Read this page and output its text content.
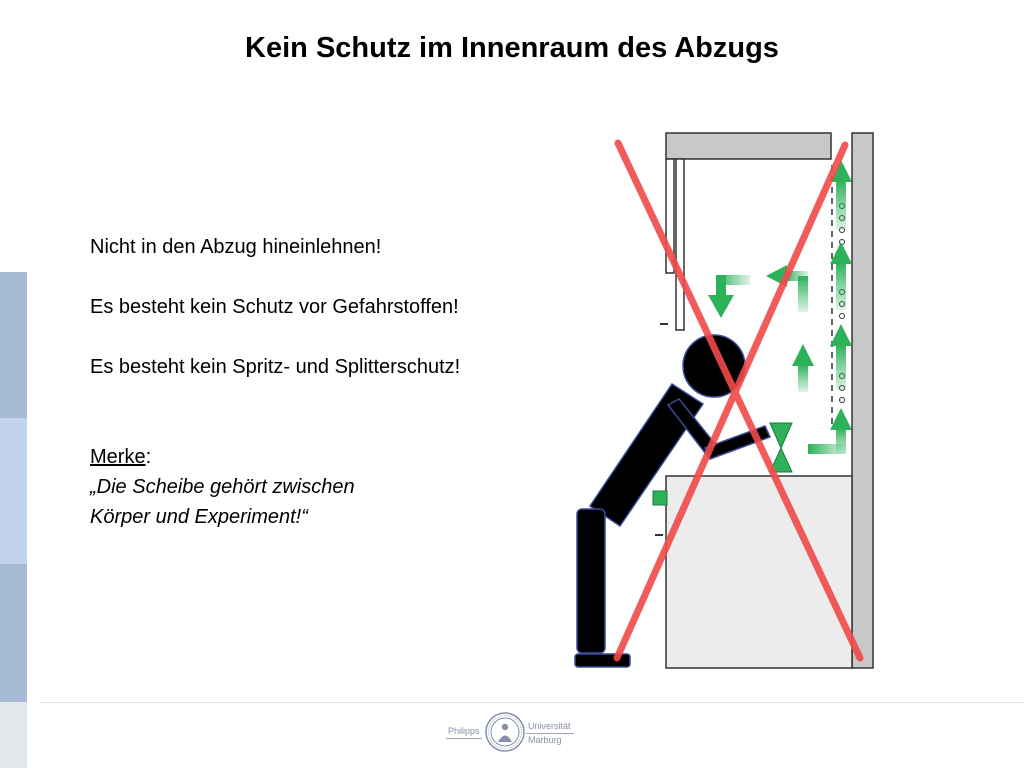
Kein Schutz im Innenraum des Abzugs

Nicht in den Abzug hineinlehnen!

Es besteht kein Schutz vor Gefahrstoffen!

Es besteht kein Spritz- und Splitterschutz!

Merke:

„Die Scheibe gehört zwischen

Körper und Experiment!“

Philipps	Universität
Marburg
